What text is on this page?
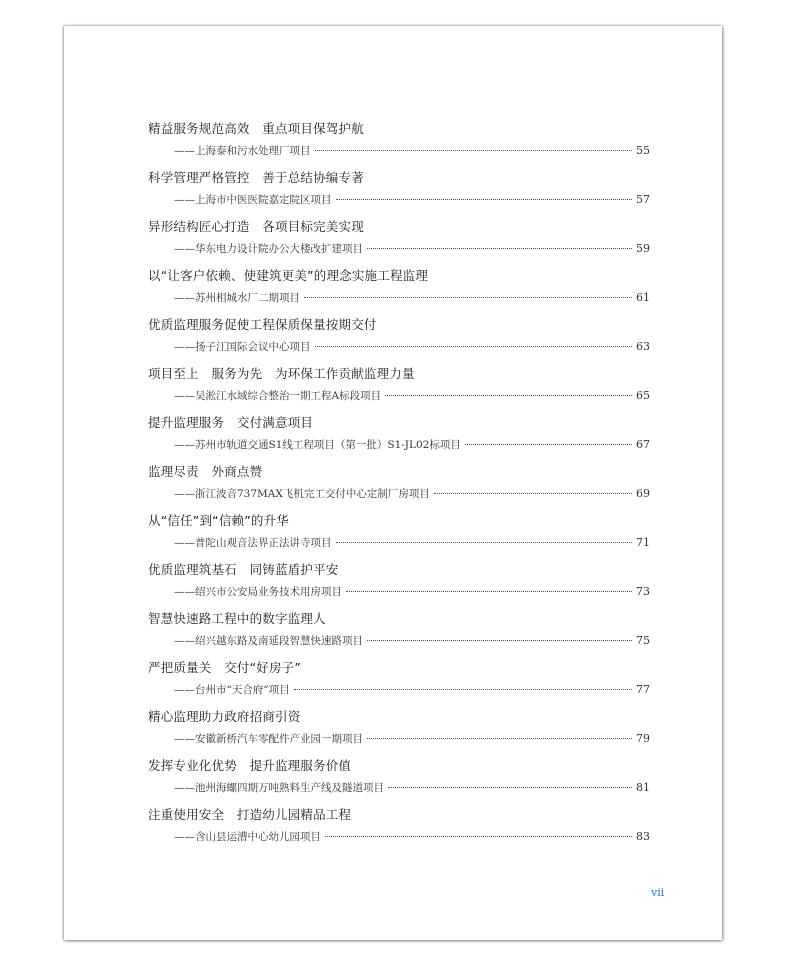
精益服务规范高效　重点项目保驾护航
——上海泰和污水处理厂项目	55
科学管理严格管控　善于总结协编专著
——上海市中医医院嘉定院区项目	57
异形结构匠心打造　各项目标完美实现
——华东电力设计院办公大楼改扩建项目	59
以“让客户依赖、使建筑更美”的理念实施工程监理
——苏州相城水厂二期项目	61
优质监理服务促使工程保质保量按期交付
——扬子江国际会议中心项目	63
项目至上　服务为先　为环保工作贡献监理力量
——吴淞江水域综合整治一期工程A标段项目	65
提升监理服务　交付满意项目
——苏州市轨道交通S1线工程项目（第一批）S1-JL02标项目	67
监理尽责　外商点赞
——浙江波音737MAX飞机完工交付中心定制厂房项目	69
从“信任”到“信赖”的升华
——普陀山观音法界正法讲寺项目	71
优质监理筑基石　同铸蓝盾护平安
——绍兴市公安局业务技术用房项目	73
智慧快速路工程中的数字监理人
——绍兴越东路及南延段智慧快速路项目	75
严把质量关　交付“好房子”
——台州市“天合府”项目	77
精心监理助力政府招商引资
——安徽新桥汽车零配件产业园一期项目	79
发挥专业化优势　提升监理服务价值
——池州海螺四期万吨熟料生产线及隧道项目	81
注重使用安全　打造幼儿园精品工程
——含山县运漕中心幼儿园项目	83
vii
